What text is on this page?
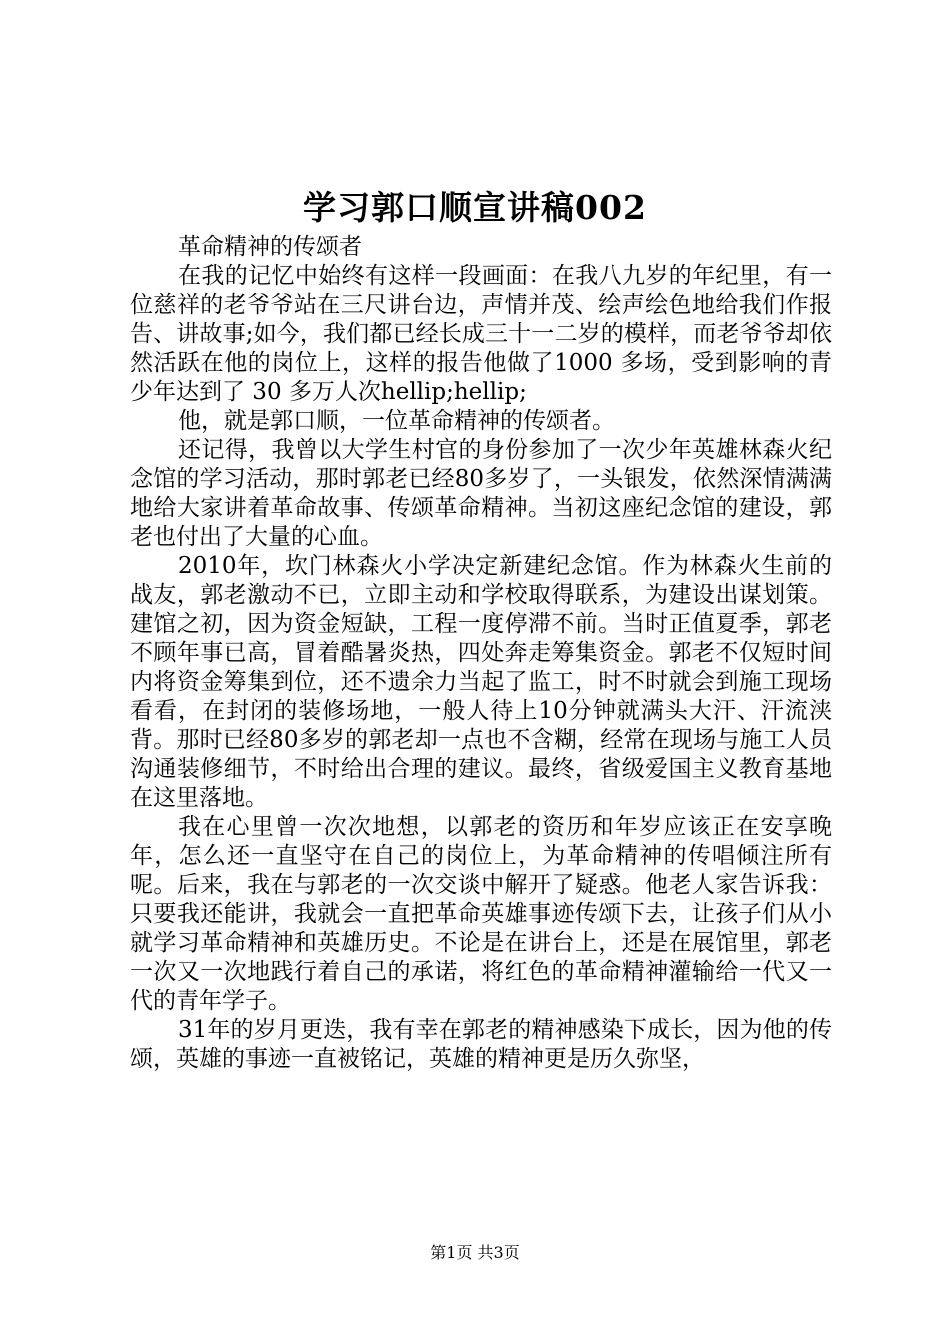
学习郭口顺宣讲稿002

革命精神的传颂者

在我的记忆中始终有这样一段画面：在我八九岁的年纪里，有一位慈祥的老爷爷站在三尺讲台边，声情并茂、绘声绘色地给我们作报告、讲故事;如今，我们都已经长成三十一二岁的模样，而老爷爷却依然活跃在他的岗位上，这样的报告他做了1000 多场，受到影响的青少年达到了 30 多万人次hellip;hellip;

他，就是郭口顺，一位革命精神的传颂者。

还记得，我曾以大学生村官的身份参加了一次少年英雄林森火纪念馆的学习活动，那时郭老已经80多岁了，一头银发，依然深情满满地给大家讲着革命故事、传颂革命精神。当初这座纪念馆的建设，郭老也付出了大量的心血。

2010年，坎门林森火小学决定新建纪念馆。作为林森火生前的战友，郭老激动不已，立即主动和学校取得联系，为建设出谋划策。建馆之初，因为资金短缺，工程一度停滞不前。当时正值夏季，郭老不顾年事已高，冒着酷暑炎热，四处奔走筹集资金。郭老不仅短时间内将资金筹集到位，还不遗余力当起了监工，时不时就会到施工现场看看，在封闭的装修场地，一般人待上10分钟就满头大汗、汗流浃背。那时已经80多岁的郭老却一点也不含糊，经常在现场与施工人员沟通装修细节，不时给出合理的建议。最终，省级爱国主义教育基地在这里落地。

我在心里曾一次次地想，以郭老的资历和年岁应该正在安享晚年，怎么还一直坚守在自己的岗位上，为革命精神的传唱倾注所有呢。后来，我在与郭老的一次交谈中解开了疑惑。他老人家告诉我：只要我还能讲，我就会一直把革命英雄事迹传颂下去，让孩子们从小就学习革命精神和英雄历史。不论是在讲台上，还是在展馆里，郭老一次又一次地践行着自己的承诺，将红色的革命精神灌输给一代又一代的青年学子。

31年的岁月更迭，我有幸在郭老的精神感染下成长，因为他的传颂，英雄的事迹一直被铭记，英雄的精神更是历久弥坚，

第1页 共3页
